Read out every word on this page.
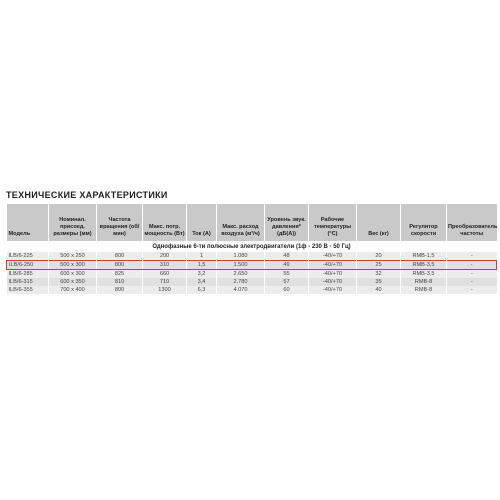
ТЕХНИЧЕСКИЕ ХАРАКТЕРИСТИКИ
Модель	Номинал. присоед. размеры (мм)	Частота вращения (об/мин)	Макс. потр. мощность (Вт)	Ток (А)	Макс. расход воздуха (м³/ч)	Уровень звук. давления* (дБ(А))	Рабочие температуры (°С)	Вес (кг)	Регулятор скорости	Преобразователь частоты
Однофазные 6-ти полюсные электродвигатели (1ф - 230 В - 50 Гц)										
ILB/6-225	500 x 250	800	200	1	1.080	48	-40/+70	20	RMB-1,5	-
ILB/6-250	500 x 300	800	310	1,5	1.500	49	-40/+70	25	RMB-3,5	-
ILB/6-285	600 x 300	825	660	3,2	2.650	55	-40/+70	32	RMB-3,5	-
ILB/6-315	600 x 350	810	710	3,4	2.780	57	-40/+70	35	RMB-8	-
ILB/6-355	700 x 400	800	1300	6,3	4.070	60	-40/+70	40	RMB-8	-
